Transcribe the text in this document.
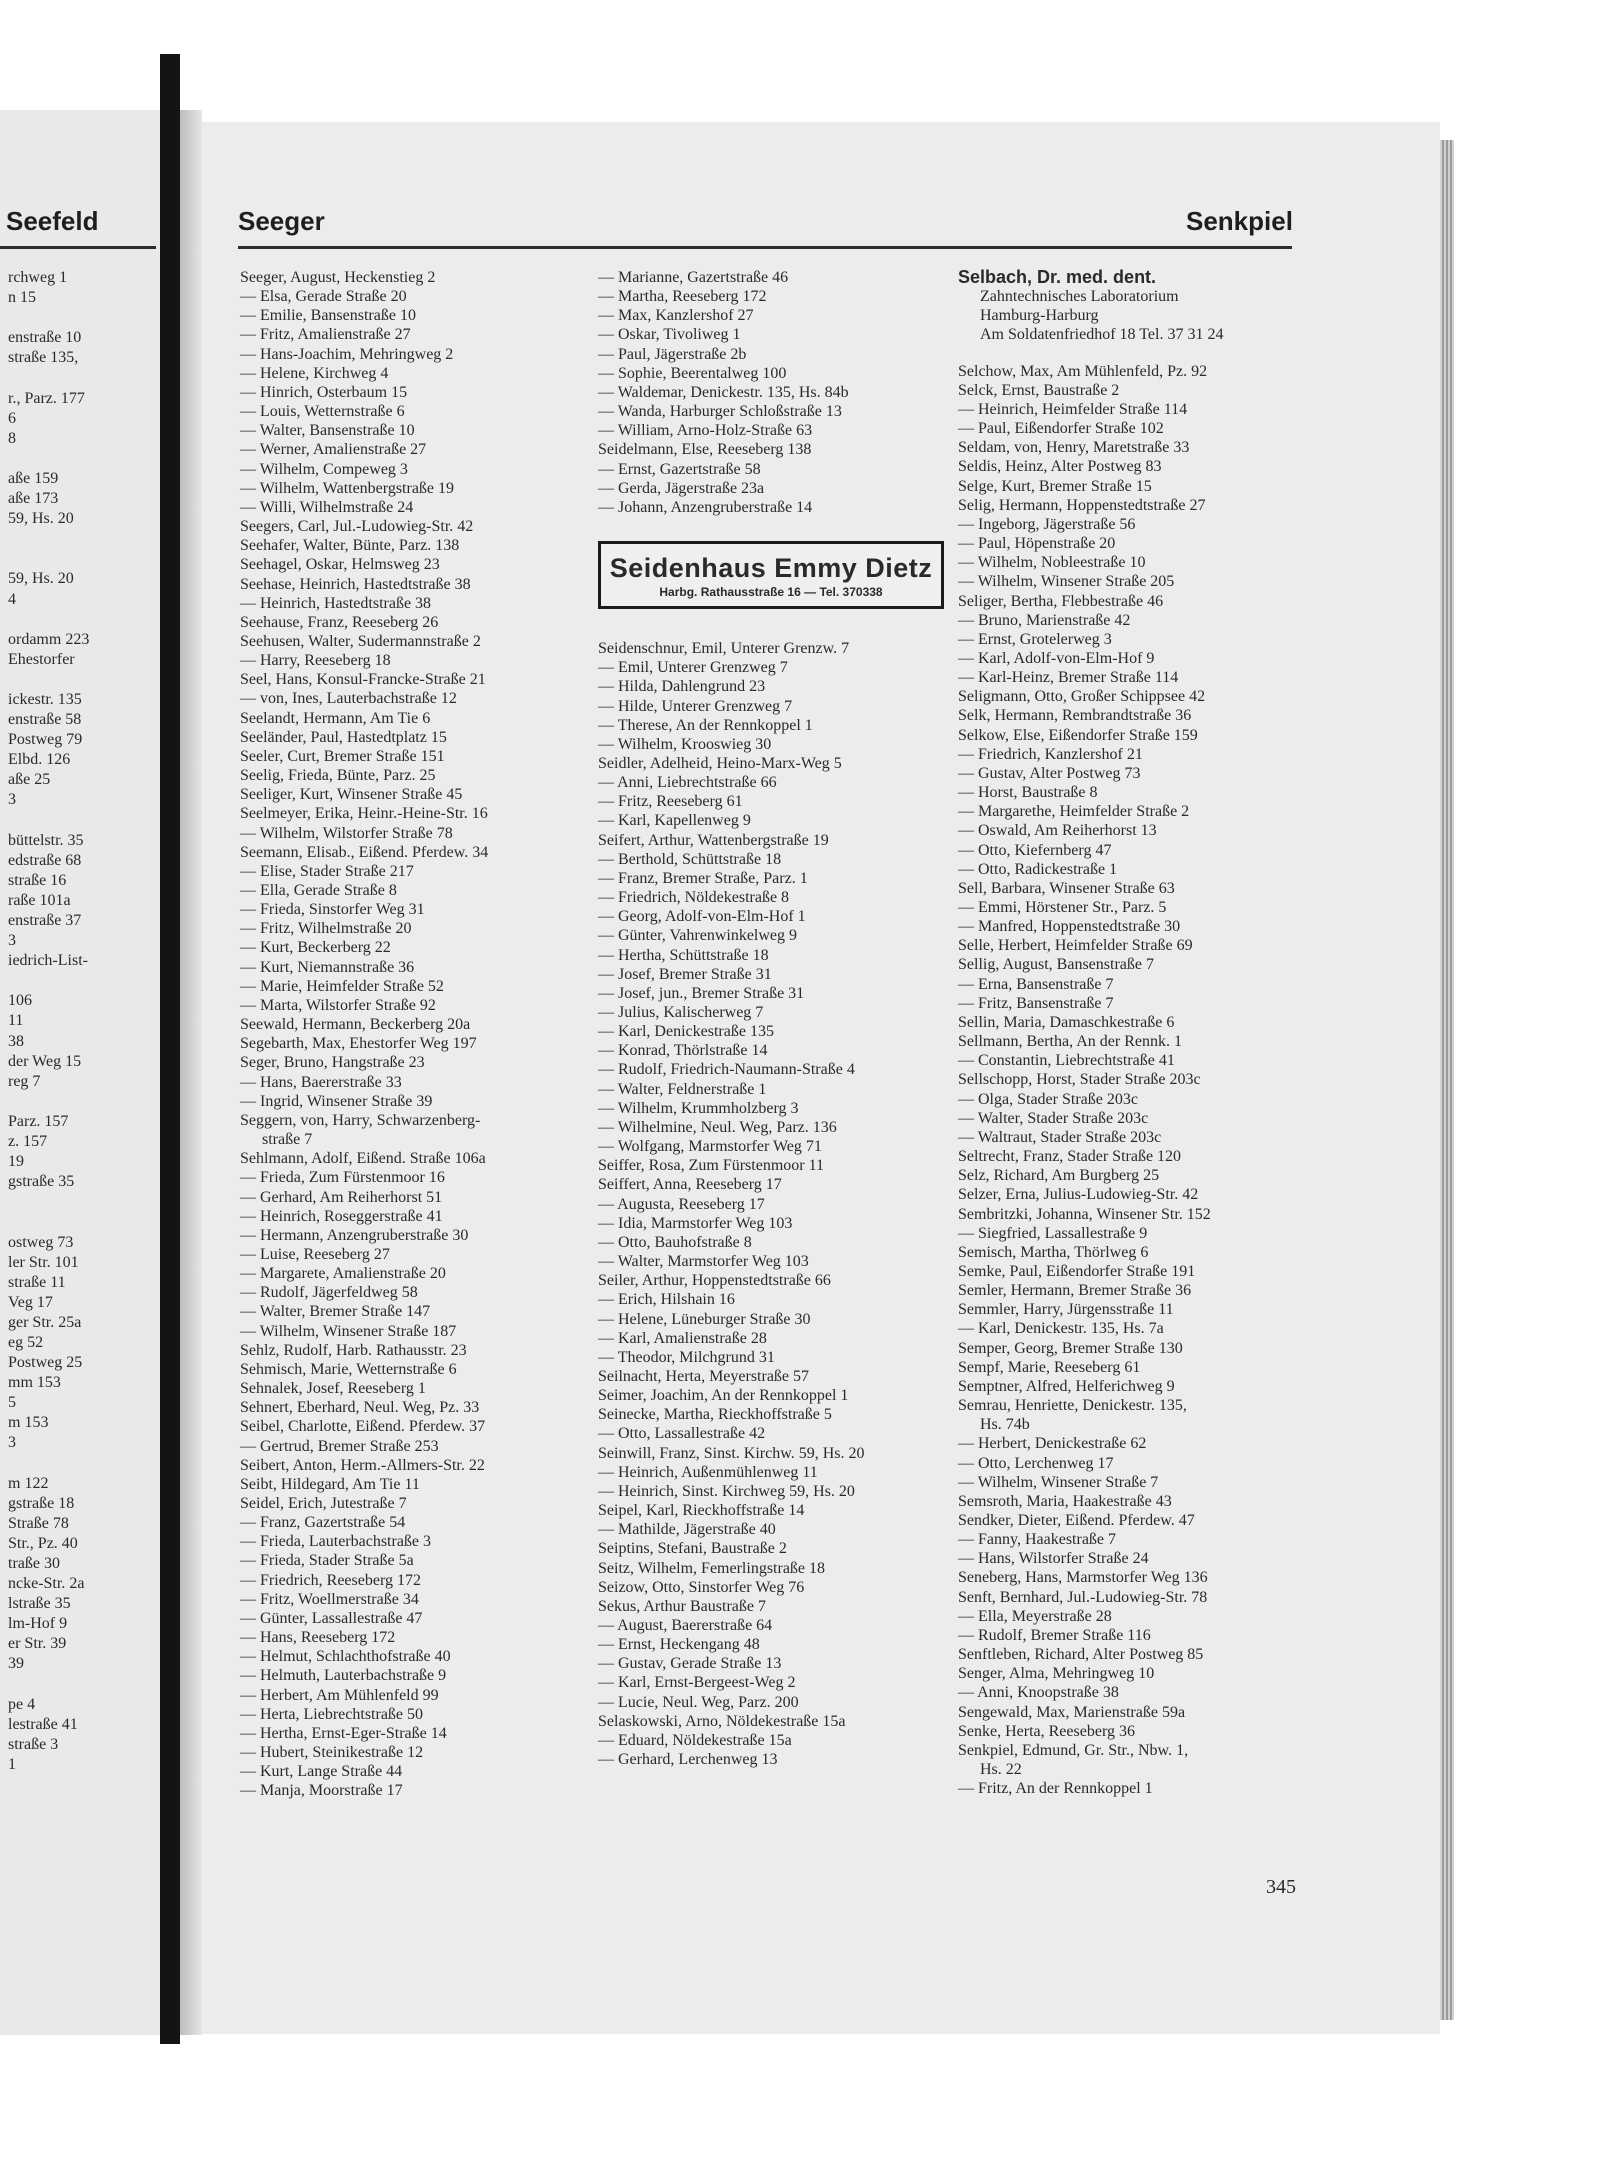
Seefeld
rchweg 1
n 15

enstraße 10
straße 135,

r., Parz. 177
6
8

aße 159
aße 173
59, Hs. 20

59, Hs. 20
4

ordamm 223
Ehestorfer

ickestr. 135
enstraße 58
Postweg 79
Elbd. 126
aße 25
3

büttelstr. 35
edstraße 68
straße 16
raße 101a
enstraße 37
3
iedrich-List-

106
11
38
der Weg 15
reg 7

Parz. 157
z. 157
19
gstraße 35

ostweg 73
ler Str. 101
straße 11
Veg 17
ger Str. 25a
eg 52
Postweg 25
mm 153
5
m 153
3

m 122
gstraße 18
Straße 78
Str., Pz. 40
traße 30
ncke-Str. 2a
lstraße 35
lm-Hof 9
er Str. 39
39

pe 4
lestraße 41
straße 3
1
Seeger	Senkpiel
Seeger, August, Heckenstieg 2
— Elsa, Gerade Straße 20
— Emilie, Bansenstraße 10
— Fritz, Amalienstraße 27
— Hans-Joachim, Mehringweg 2
— Helene, Kirchweg 4
— Hinrich, Osterbaum 15
— Louis, Wetternstraße 6
— Walter, Bansenstraße 10
— Werner, Amalienstraße 27
— Wilhelm, Compeweg 3
— Wilhelm, Wattenbergstraße 19
— Willi, Wilhelmstraße 24
Seegers, Carl, Jul.-Ludowieg-Str. 42
Seehafer, Walter, Bünte, Parz. 138
Seehagel, Oskar, Helmsweg 23
Seehase, Heinrich, Hastedtstraße 38
— Heinrich, Hastedtstraße 38
Seehause, Franz, Reeseberg 26
Seehusen, Walter, Sudermannstraße 2
— Harry, Reeseberg 18
Seel, Hans, Konsul-Francke-Straße 21
— von, Ines, Lauterbachstraße 12
Seelandt, Hermann, Am Tie 6
Seeländer, Paul, Hastedtplatz 15
Seeler, Curt, Bremer Straße 151
Seelig, Frieda, Bünte, Parz. 25
Seeliger, Kurt, Winsener Straße 45
Seelmeyer, Erika, Heinr.-Heine-Str. 16
— Wilhelm, Wilstorfer Straße 78
Seemann, Elisab., Eißend. Pferdew. 34
— Elise, Stader Straße 217
— Ella, Gerade Straße 8
— Frieda, Sinstorfer Weg 31
— Fritz, Wilhelmstraße 20
— Kurt, Beckerberg 22
— Kurt, Niemannstraße 36
— Marie, Heimfelder Straße 52
— Marta, Wilstorfer Straße 92
Seewald, Hermann, Beckerberg 20a
Segebarth, Max, Ehestorfer Weg 197
Seger, Bruno, Hangstraße 23
— Hans, Baererstraße 33
— Ingrid, Winsener Straße 39
Seggern, von, Harry, Schwarzenberg-
straße 7
Sehlmann, Adolf, Eißend. Straße 106a
— Frieda, Zum Fürstenmoor 16
— Gerhard, Am Reiherhorst 51
— Heinrich, Roseggerstraße 41
— Hermann, Anzengruberstraße 30
— Luise, Reeseberg 27
— Margarete, Amalienstraße 20
— Rudolf, Jägerfeldweg 58
— Walter, Bremer Straße 147
— Wilhelm, Winsener Straße 187
Sehlz, Rudolf, Harb. Rathausstr. 23
Sehmisch, Marie, Wetternstraße 6
Sehnalek, Josef, Reeseberg 1
Sehnert, Eberhard, Neul. Weg, Pz. 33
Seibel, Charlotte, Eißend. Pferdew. 37
— Gertrud, Bremer Straße 253
Seibert, Anton, Herm.-Allmers-Str. 22
Seibt, Hildegard, Am Tie 11
Seidel, Erich, Jutestraße 7
— Franz, Gazertstraße 54
— Frieda, Lauterbachstraße 3
— Frieda, Stader Straße 5a
— Friedrich, Reeseberg 172
— Fritz, Woellmerstraße 34
— Günter, Lassallestraße 47
— Hans, Reeseberg 172
— Helmut, Schlachthofstraße 40
— Helmuth, Lauterbachstraße 9
— Herbert, Am Mühlenfeld 99
— Herta, Liebrechtstraße 50
— Hertha, Ernst-Eger-Straße 14
— Hubert, Steinikestraße 12
— Kurt, Lange Straße 44
— Manja, Moorstraße 17
— Marianne, Gazertstraße 46
— Martha, Reeseberg 172
— Max, Kanzlershof 27
— Oskar, Tivoliweg 1
— Paul, Jägerstraße 2b
— Sophie, Beerentalweg 100
— Waldemar, Denickestr. 135, Hs. 84b
— Wanda, Harburger Schloßstraße 13
— William, Arno-Holz-Straße 63
Seidelmann, Else, Reeseberg 138
— Ernst, Gazertstraße 58
— Gerda, Jägerstraße 23a
— Johann, Anzengruberstraße 14
Seidenhaus Emmy Dietz
Harbg. Rathausstraße 16 — Tel. 370338
Seidenschnur, Emil, Unterer Grenzw. 7
— Emil, Unterer Grenzweg 7
— Hilda, Dahlengrund 23
— Hilde, Unterer Grenzweg 7
— Therese, An der Rennkoppel 1
— Wilhelm, Krooswieg 30
Seidler, Adelheid, Heino-Marx-Weg 5
— Anni, Liebrechtstraße 66
— Fritz, Reeseberg 61
— Karl, Kapellenweg 9
Seifert, Arthur, Wattenbergstraße 19
— Berthold, Schüttstraße 18
— Franz, Bremer Straße, Parz. 1
— Friedrich, Nöldekestraße 8
— Georg, Adolf-von-Elm-Hof 1
— Günter, Vahrenwinkelweg 9
— Hertha, Schüttstraße 18
— Josef, Bremer Straße 31
— Josef, jun., Bremer Straße 31
— Julius, Kalischerweg 7
— Karl, Denickestraße 135
— Konrad, Thörlstraße 14
— Rudolf, Friedrich-Naumann-Straße 4
— Walter, Feldnerstraße 1
— Wilhelm, Krummholzberg 3
— Wilhelmine, Neul. Weg, Parz. 136
— Wolfgang, Marmstorfer Weg 71
Seiffer, Rosa, Zum Fürstenmoor 11
Seiffert, Anna, Reeseberg 17
— Augusta, Reeseberg 17
— Idia, Marmstorfer Weg 103
— Otto, Bauhofstraße 8
— Walter, Marmstorfer Weg 103
Seiler, Arthur, Hoppenstedtstraße 66
— Erich, Hilshain 16
— Helene, Lüneburger Straße 30
— Karl, Amalienstraße 28
— Theodor, Milchgrund 31
Seilnacht, Herta, Meyerstraße 57
Seimer, Joachim, An der Rennkoppel 1
Seinecke, Martha, Rieckhoffstraße 5
— Otto, Lassallestraße 42
Seinwill, Franz, Sinst. Kirchw. 59, Hs. 20
— Heinrich, Außenmühlenweg 11
— Heinrich, Sinst. Kirchweg 59, Hs. 20
Seipel, Karl, Rieckhoffstraße 14
— Mathilde, Jägerstraße 40
Seiptins, Stefani, Baustraße 2
Seitz, Wilhelm, Femerlingstraße 18
Seizow, Otto, Sinstorfer Weg 76
Sekus, Arthur Baustraße 7
— August, Baererstraße 64
— Ernst, Heckengang 48
— Gustav, Gerade Straße 13
— Karl, Ernst-Bergeest-Weg 2
— Lucie, Neul. Weg, Parz. 200
Selaskowski, Arno, Nöldekestraße 15a
— Eduard, Nöldekestraße 15a
— Gerhard, Lerchenweg 13
Selbach, Dr. med. dent.
Zahntechnisches Laboratorium
Hamburg-Harburg
Am Soldatenfriedhof 18 Tel. 37 31 24
Selchow, Max, Am Mühlenfeld, Pz. 92
Selck, Ernst, Baustraße 2
— Heinrich, Heimfelder Straße 114
— Paul, Eißendorfer Straße 102
Seldam, von, Henry, Maretstraße 33
Seldis, Heinz, Alter Postweg 83
Selge, Kurt, Bremer Straße 15
Selig, Hermann, Hoppenstedtstraße 27
— Ingeborg, Jägerstraße 56
— Paul, Höpenstraße 20
— Wilhelm, Nobleestraße 10
— Wilhelm, Winsener Straße 205
Seliger, Bertha, Flebbestraße 46
— Bruno, Marienstraße 42
— Ernst, Grotelerweg 3
— Karl, Adolf-von-Elm-Hof 9
— Karl-Heinz, Bremer Straße 114
Seligmann, Otto, Großer Schippsee 42
Selk, Hermann, Rembrandtstraße 36
Selkow, Else, Eißendorfer Straße 159
— Friedrich, Kanzlershof 21
— Gustav, Alter Postweg 73
— Horst, Baustraße 8
— Margarethe, Heimfelder Straße 2
— Oswald, Am Reiherhorst 13
— Otto, Kiefernberg 47
— Otto, Radickestraße 1
Sell, Barbara, Winsener Straße 63
— Emmi, Hörstener Str., Parz. 5
— Manfred, Hoppenstedtstraße 30
Selle, Herbert, Heimfelder Straße 69
Sellig, August, Bansenstraße 7
— Erna, Bansenstraße 7
— Fritz, Bansenstraße 7
Sellin, Maria, Damaschkestraße 6
Sellmann, Bertha, An der Rennk. 1
— Constantin, Liebrechtstraße 41
Sellschopp, Horst, Stader Straße 203c
— Olga, Stader Straße 203c
— Walter, Stader Straße 203c
— Waltraut, Stader Straße 203c
Seltrecht, Franz, Stader Straße 120
Selz, Richard, Am Burgberg 25
Selzer, Erna, Julius-Ludowieg-Str. 42
Sembritzki, Johanna, Winsener Str. 152
— Siegfried, Lassallestraße 9
Semisch, Martha, Thörlweg 6
Semke, Paul, Eißendorfer Straße 191
Semler, Hermann, Bremer Straße 36
Semmler, Harry, Jürgensstraße 11
— Karl, Denickestr. 135, Hs. 7a
Semper, Georg, Bremer Straße 130
Sempf, Marie, Reeseberg 61
Semptner, Alfred, Helferichweg 9
Semrau, Henriette, Denickestr. 135,
Hs. 74b
— Herbert, Denickestraße 62
— Otto, Lerchenweg 17
— Wilhelm, Winsener Straße 7
Semsroth, Maria, Haakestraße 43
Sendker, Dieter, Eißend. Pferdew. 47
— Fanny, Haakestraße 7
— Hans, Wilstorfer Straße 24
Seneberg, Hans, Marmstorfer Weg 136
Senft, Bernhard, Jul.-Ludowieg-Str. 78
— Ella, Meyerstraße 28
— Rudolf, Bremer Straße 116
Senftleben, Richard, Alter Postweg 85
Senger, Alma, Mehringweg 10
— Anni, Knoopstraße 38
Sengewald, Max, Marienstraße 59a
Senke, Herta, Reeseberg 36
Senkpiel, Edmund, Gr. Str., Nbw. 1,
Hs. 22
— Fritz, An der Rennkoppel 1
345
